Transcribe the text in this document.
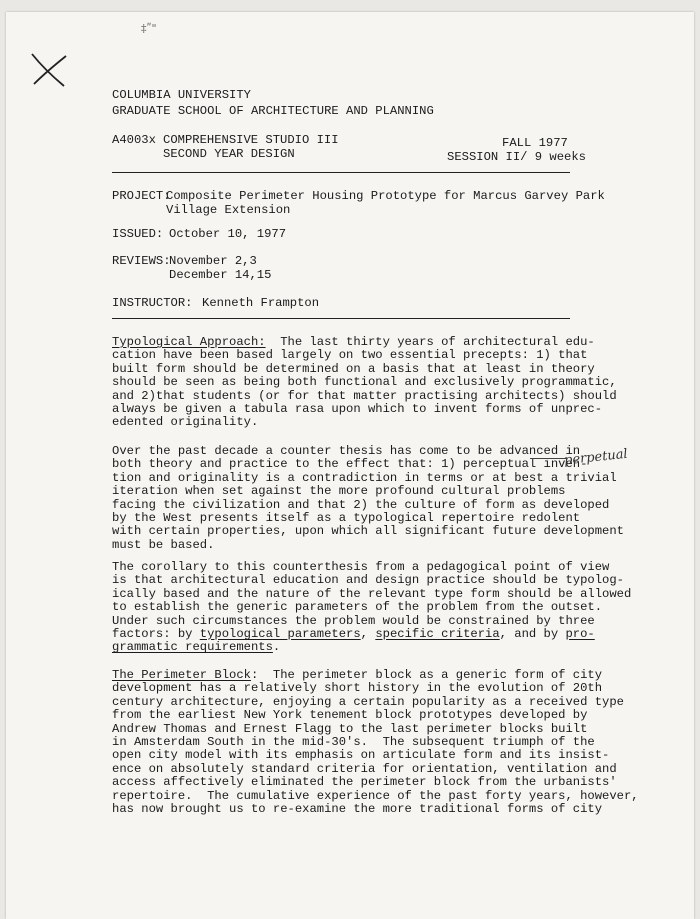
‡ʺ"
COLUMBIA UNIVERSITY
GRADUATE SCHOOL OF ARCHITECTURE AND PLANNING
A4003x COMPREHENSIVE STUDIO III
SECOND YEAR DESIGN
FALL 1977
SESSION II/ 9 weeks
PROJECT:
Composite Perimeter Housing Prototype for Marcus Garvey Park
Village Extension
ISSUED: October 10, 1977
REVIEWS:
November 2,3
December 14,15
INSTRUCTOR: Kenneth Frampton

Typological Approach:  The last thirty years of architectural edu-
cation have been based largely on two essential precepts: 1) that
built form should be determined on a basis that at least in theory
should be seen as being both functional and exclusively programmatic,
and 2)that students (or for that matter practising architects) should
always be given a tabula rasa upon which to invent forms of unprec-
edented originality.

Over the past decade a counter thesis has come to be advanced in
both theory and practice to the effect that: 1) perceptual inven-
tion and originality is a contradiction in terms or at best a trivial
iteration when set against the more profound cultural problems
facing the civilization and that 2) the culture of form as developed
by the West presents itself as a typological repertoire redolent
with certain properties, upon which all significant future development
must be based.

perpetual

The corollary to this counterthesis from a pedagogical point of view
is that architectural education and design practice should be typolog-
ically based and the nature of the relevant type form should be allowed
to establish the generic parameters of the problem from the outset.
Under such circumstances the problem would be constrained by three
factors: by typological parameters, specific criteria, and by pro-
grammatic requirements.

The Perimeter Block:  The perimeter block as a generic form of city
development has a relatively short history in the evolution of 20th
century architecture, enjoying a certain popularity as a received type
from the earliest New York tenement block prototypes developed by
Andrew Thomas and Ernest Flagg to the last perimeter blocks built
in Amsterdam South in the mid-30's.  The subsequent triumph of the
open city model with its emphasis on articulate form and its insist-
ence on absolutely standard criteria for orientation, ventilation and
access affectively eliminated the perimeter block from the urbanists'
repertoire.  The cumulative experience of the past forty years, however,
has now brought us to re-examine the more traditional forms of city
